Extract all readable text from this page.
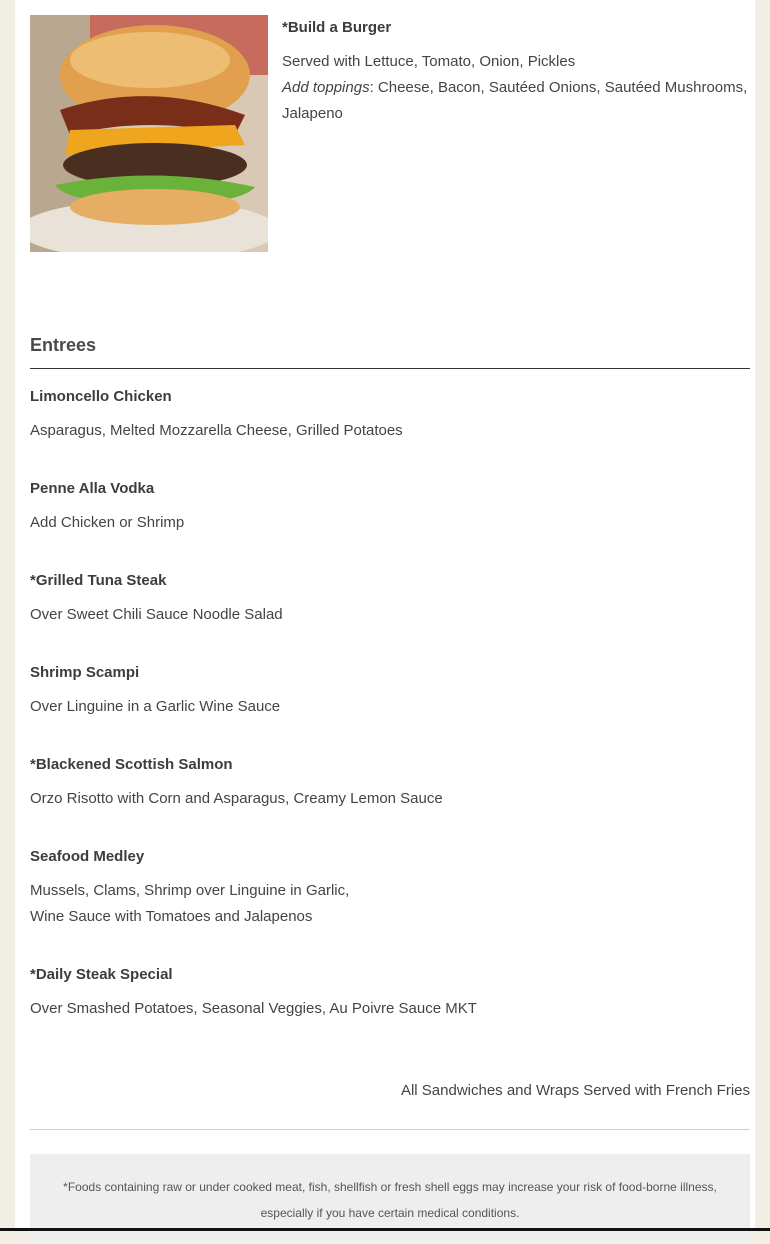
*Build a Burger

Served with Lettuce, Tomato, Onion, Pickles

Add toppings: Cheese, Bacon, Sautéed Onions, Sautéed Mushrooms, Jalapeno

Entrees

Limoncello Chicken

Asparagus, Melted Mozzarella Cheese, Grilled Potatoes

Penne Alla Vodka

Add Chicken or Shrimp

*Grilled Tuna Steak

Over Sweet Chili Sauce Noodle Salad

Shrimp Scampi

Over Linguine in a Garlic Wine Sauce

*Blackened Scottish Salmon

Orzo Risotto with Corn and Asparagus, Creamy Lemon Sauce

Seafood Medley

Mussels, Clams, Shrimp over Linguine in Garlic,
Wine Sauce with Tomatoes and Jalapenos

*Daily Steak Special

Over Smashed Potatoes, Seasonal Veggies, Au Poivre Sauce MKT

All Sandwiches and Wraps Served with French Fries

*Foods containing raw or under cooked meat, fish, shellfish or fresh shell eggs may increase your risk of food-borne illness, especially if you have certain medical conditions.
